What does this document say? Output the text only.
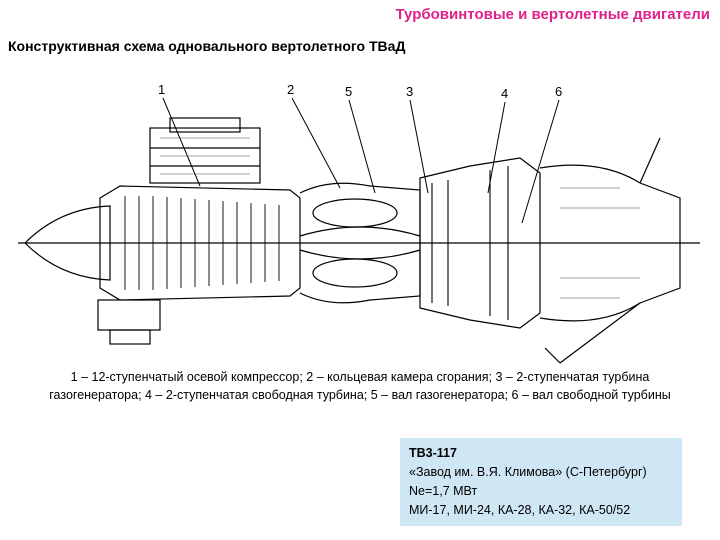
Турбовинтовые и вертолетные двигатели
Конструктивная схема одновального вертолетного ТВаД
1	2	5	3	4	6
1 – 12-ступенчатый осевой компрессор; 2 – кольцевая камера сгорания; 3 – 2-ступенчатая турбина
газогенератора; 4 – 2-ступенчатая свободная турбина; 5 – вал газогенератора; 6 – вал свободной турбины
ТВ3-117
«Завод им. В.Я. Климова» (С-Петербург)
Ne=1,7 МВт
МИ-17, МИ-24, КА-28, КА-32, КА-50/52
